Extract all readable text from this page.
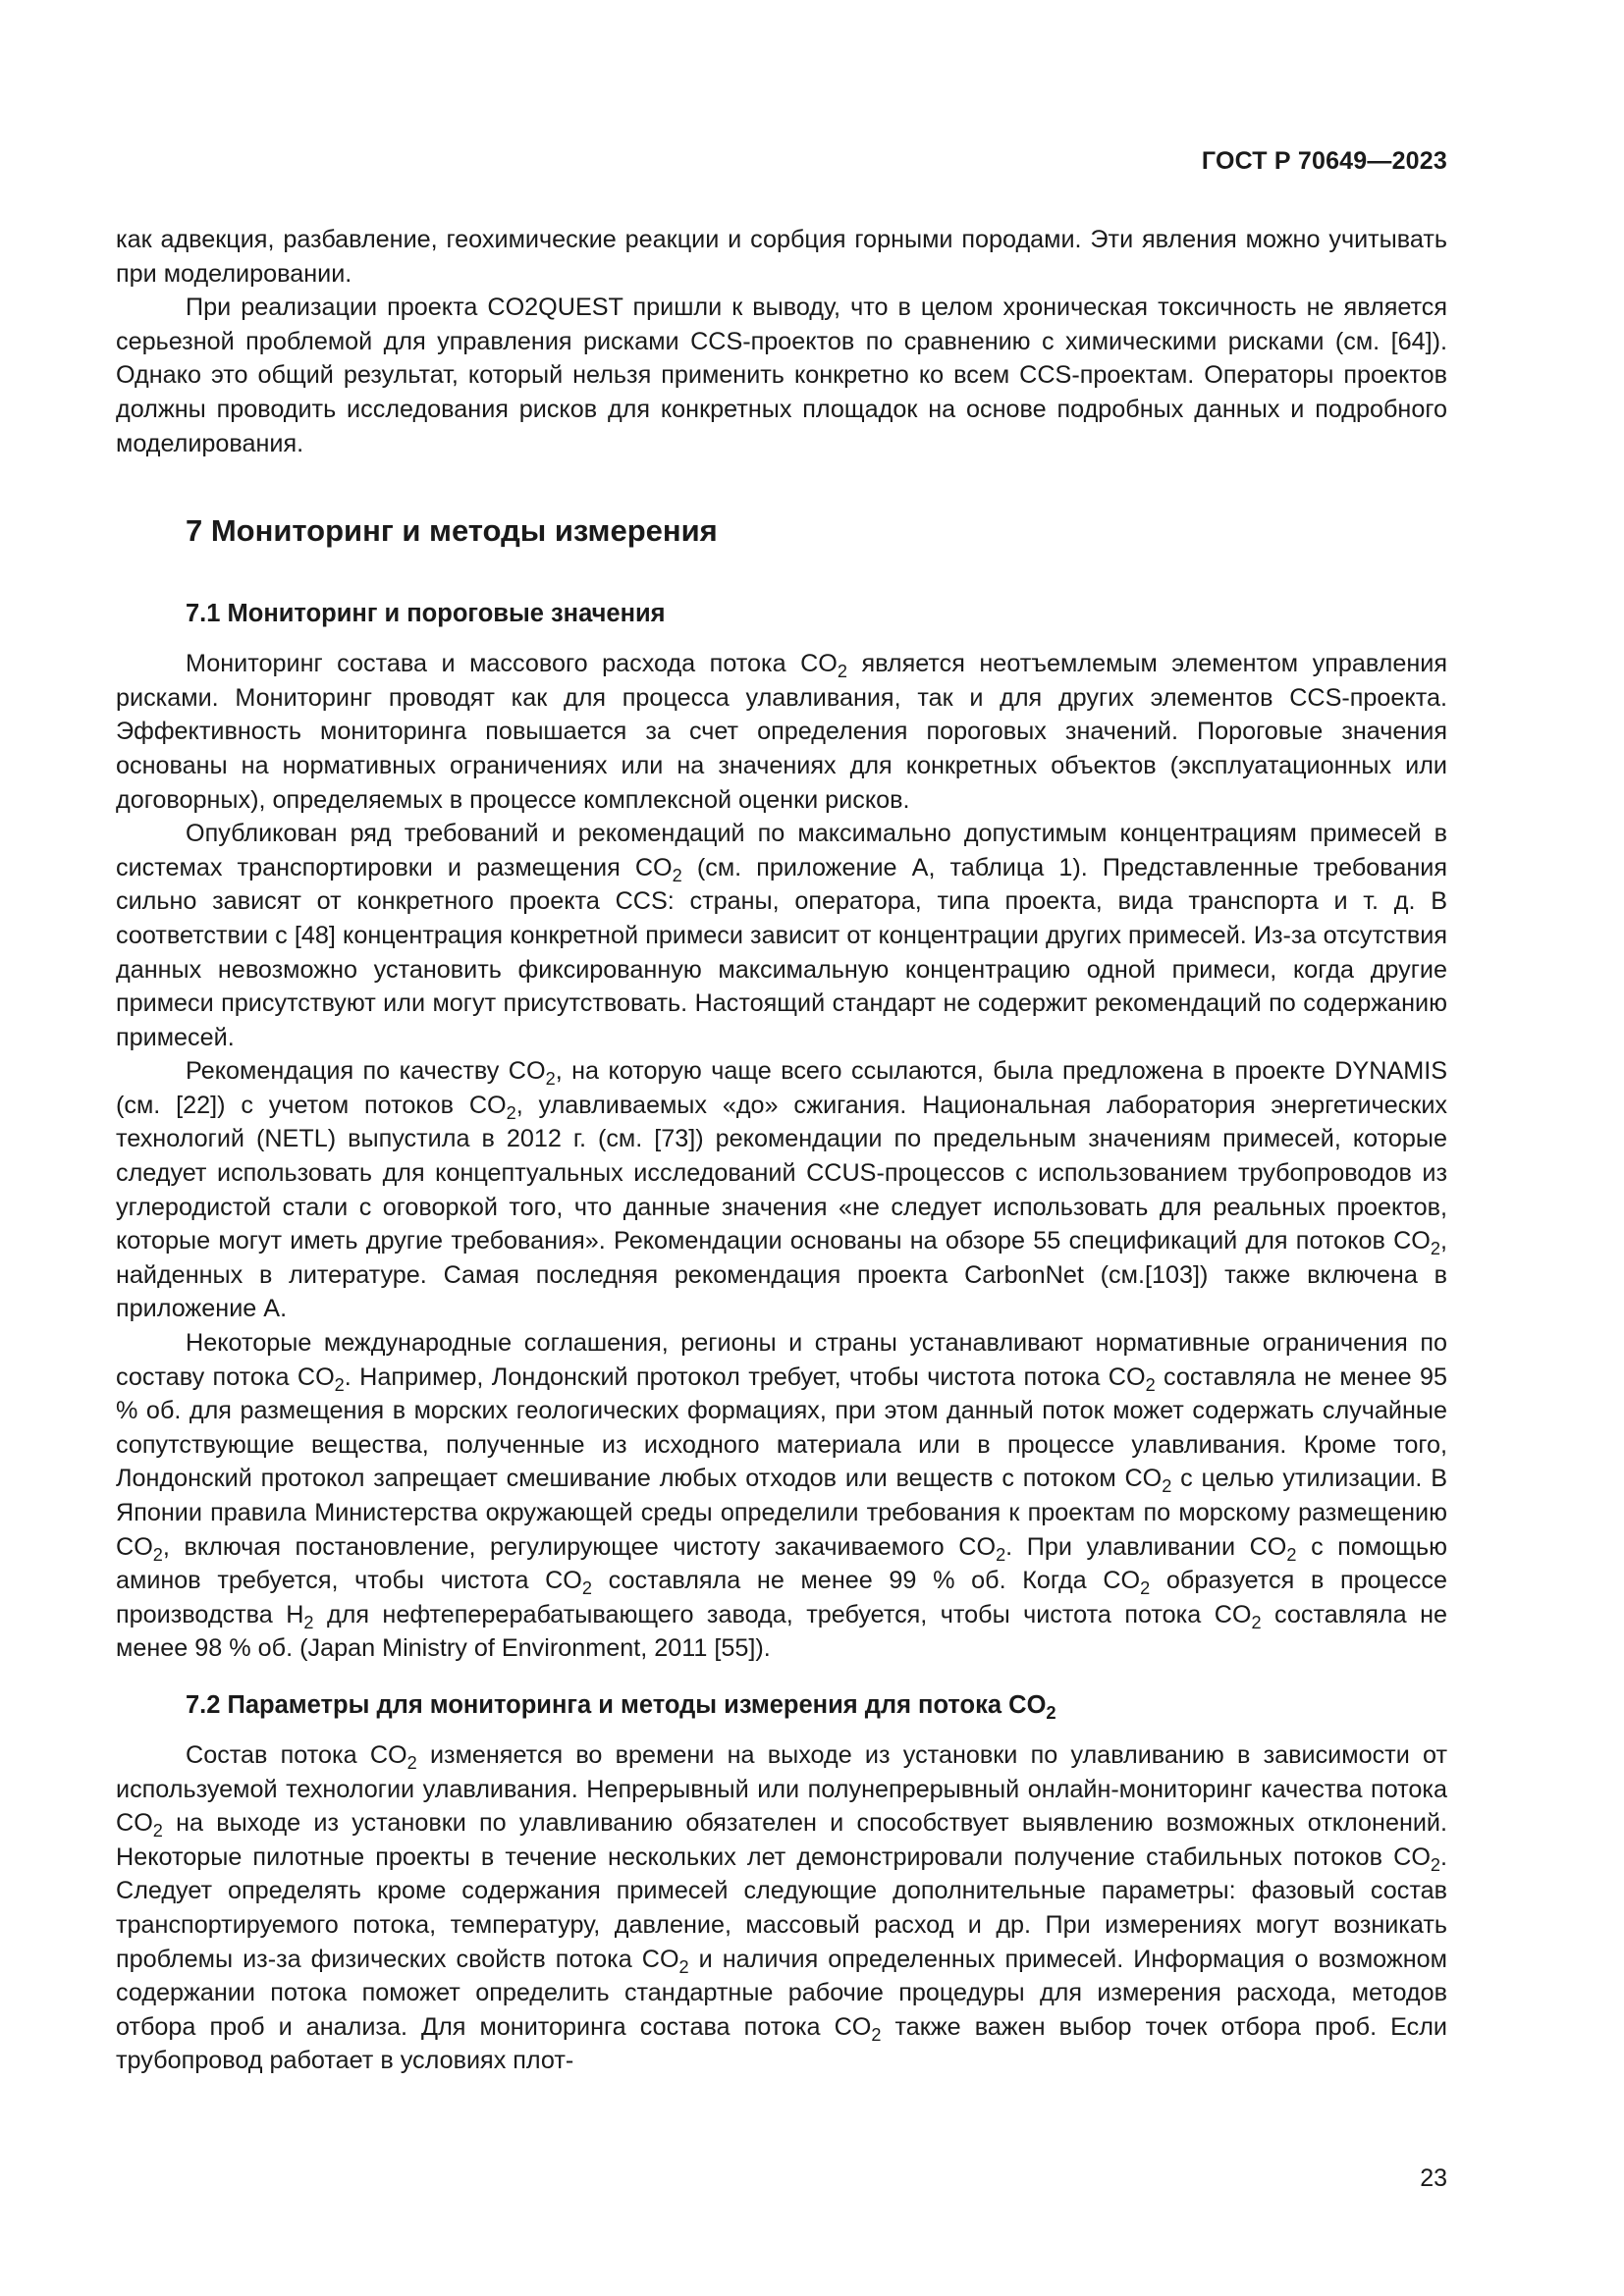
ГОСТ Р 70649—2023

как адвекция, разбавление, геохимические реакции и сорбция горными породами. Эти явления можно учитывать при моделировании.

При реализации проекта CO2QUEST пришли к выводу, что в целом хроническая токсичность не является серьезной проблемой для управления рисками CCS-проектов по сравнению с химическими рисками (см. [64]). Однако это общий результат, который нельзя применить конкретно ко всем CCS-проектам. Операторы проектов должны проводить исследования рисков для конкретных площадок на основе подробных данных и подробного моделирования.

7 Мониторинг и методы измерения
7.1 Мониторинг и пороговые значения

Мониторинг состава и массового расхода потока $CO_2$ является неотъемлемым элементом управления рисками. Мониторинг проводят как для процесса улавливания, так и для других элементов CCS-проекта. Эффективность мониторинга повышается за счет определения пороговых значений. Пороговые значения основаны на нормативных ограничениях или на значениях для конкретных объектов (эксплуатационных или договорных), определяемых в процессе комплексной оценки рисков.

Опубликован ряд требований и рекомендаций по максимально допустимым концентрациям примесей в системах транспортировки и размещения $CO_2$ (см. приложение А, таблица 1). Представленные требования сильно зависят от конкретного проекта CCS: страны, оператора, типа проекта, вида транспорта и т. д. В соответствии с [48] концентрация конкретной примеси зависит от концентрации других примесей. Из-за отсутствия данных невозможно установить фиксированную максимальную концентрацию одной примеси, когда другие примеси присутствуют или могут присутствовать. Настоящий стандарт не содержит рекомендаций по содержанию примесей.

Рекомендация по качеству $CO_2$, на которую чаще всего ссылаются, была предложена в проекте DYNAMIS (см. [22]) с учетом потоков $CO_2$, улавливаемых «до» сжигания. Национальная лаборатория энергетических технологий (NETL) выпустила в 2012 г. (см. [73]) рекомендации по предельным значениям примесей, которые следует использовать для концептуальных исследований CCUS-процессов с использованием трубопроводов из углеродистой стали с оговоркой того, что данные значения «не следует использовать для реальных проектов, которые могут иметь другие требования». Рекомендации основаны на обзоре 55 спецификаций для потоков $CO_2$, найденных в литературе. Самая последняя рекомендация проекта CarbonNet (см.[103]) также включена в приложение А.

Некоторые международные соглашения, регионы и страны устанавливают нормативные ограничения по составу потока $CO_2$. Например, Лондонский протокол требует, чтобы чистота потока $CO_2$ составляла не менее 95 % об. для размещения в морских геологических формациях, при этом данный поток может содержать случайные сопутствующие вещества, полученные из исходного материала или в процессе улавливания. Кроме того, Лондонский протокол запрещает смешивание любых отходов или веществ с потоком $CO_2$ с целью утилизации. В Японии правила Министерства окружающей среды определили требования к проектам по морскому размещению $CO_2$, включая постановление, регулирующее чистоту закачиваемого $CO_2$. При улавливании $CO_2$ с помощью аминов требуется, чтобы чистота $CO_2$ составляла не менее 99 % об. Когда $CO_2$ образуется в процессе производства $H_2$ для нефтеперерабатывающего завода, требуется, чтобы чистота потока $CO_2$ составляла не менее 98 % об. (Japan Ministry of Environment, 2011 [55]).

7.2 Параметры для мониторинга и методы измерения для потока $CO_2$

Состав потока $CO_2$ изменяется во времени на выходе из установки по улавливанию в зависимости от используемой технологии улавливания. Непрерывный или полунепрерывный онлайн-мониторинг качества потока $CO_2$ на выходе из установки по улавливанию обязателен и способствует выявлению возможных отклонений. Некоторые пилотные проекты в течение нескольких лет демонстрировали получение стабильных потоков $CO_2$. Следует определять кроме содержания примесей следующие дополнительные параметры: фазовый состав транспортируемого потока, температуру, давление, массовый расход и др. При измерениях могут возникать проблемы из-за физических свойств потока $CO_2$ и наличия определенных примесей. Информация о возможном содержании потока поможет определить стандартные рабочие процедуры для измерения расхода, методов отбора проб и анализа. Для мониторинга состава потока $CO_2$ также важен выбор точек отбора проб. Если трубопровод работает в условиях плот-

23
